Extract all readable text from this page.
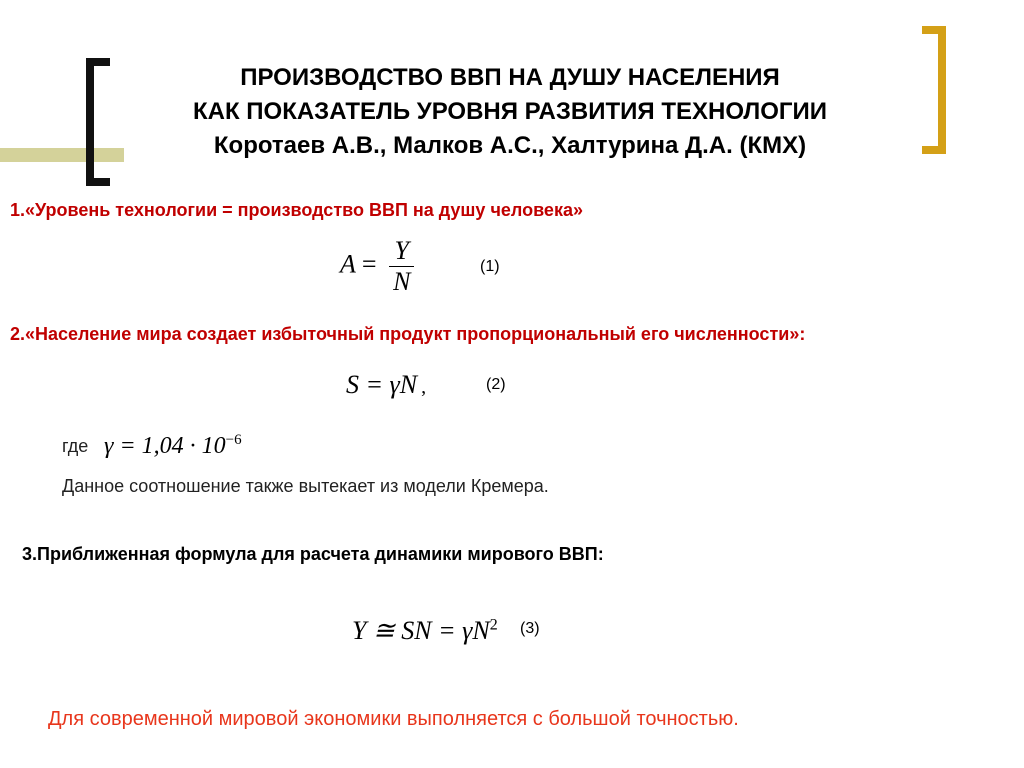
ПРОИЗВОДСТВО ВВП НА ДУШУ НАСЕЛЕНИЯ
КАК ПОКАЗАТЕЛЬ УРОВНЯ РАЗВИТИЯ ТЕХНОЛОГИИ
Коротаев А.В., Малков А.С., Халтурина Д.А. (КМХ)
1.«Уровень технологии = производство ВВП на душу человека»
$A = \frac{Y}{N}$	(1)
2.«Население мира создает избыточный продукт пропорциональный его численности»:
S = γN ,	(2)
где $\gamma = 1,04 \cdot 10^{-6}$
Данное соотношение также вытекает из модели Кремера.
3.Приближенная формула для расчета динамики мирового ВВП:
Y ≅ SN = $\gamma N^2$ (3)
Для современной мировой экономики выполняется с большой точностью.
